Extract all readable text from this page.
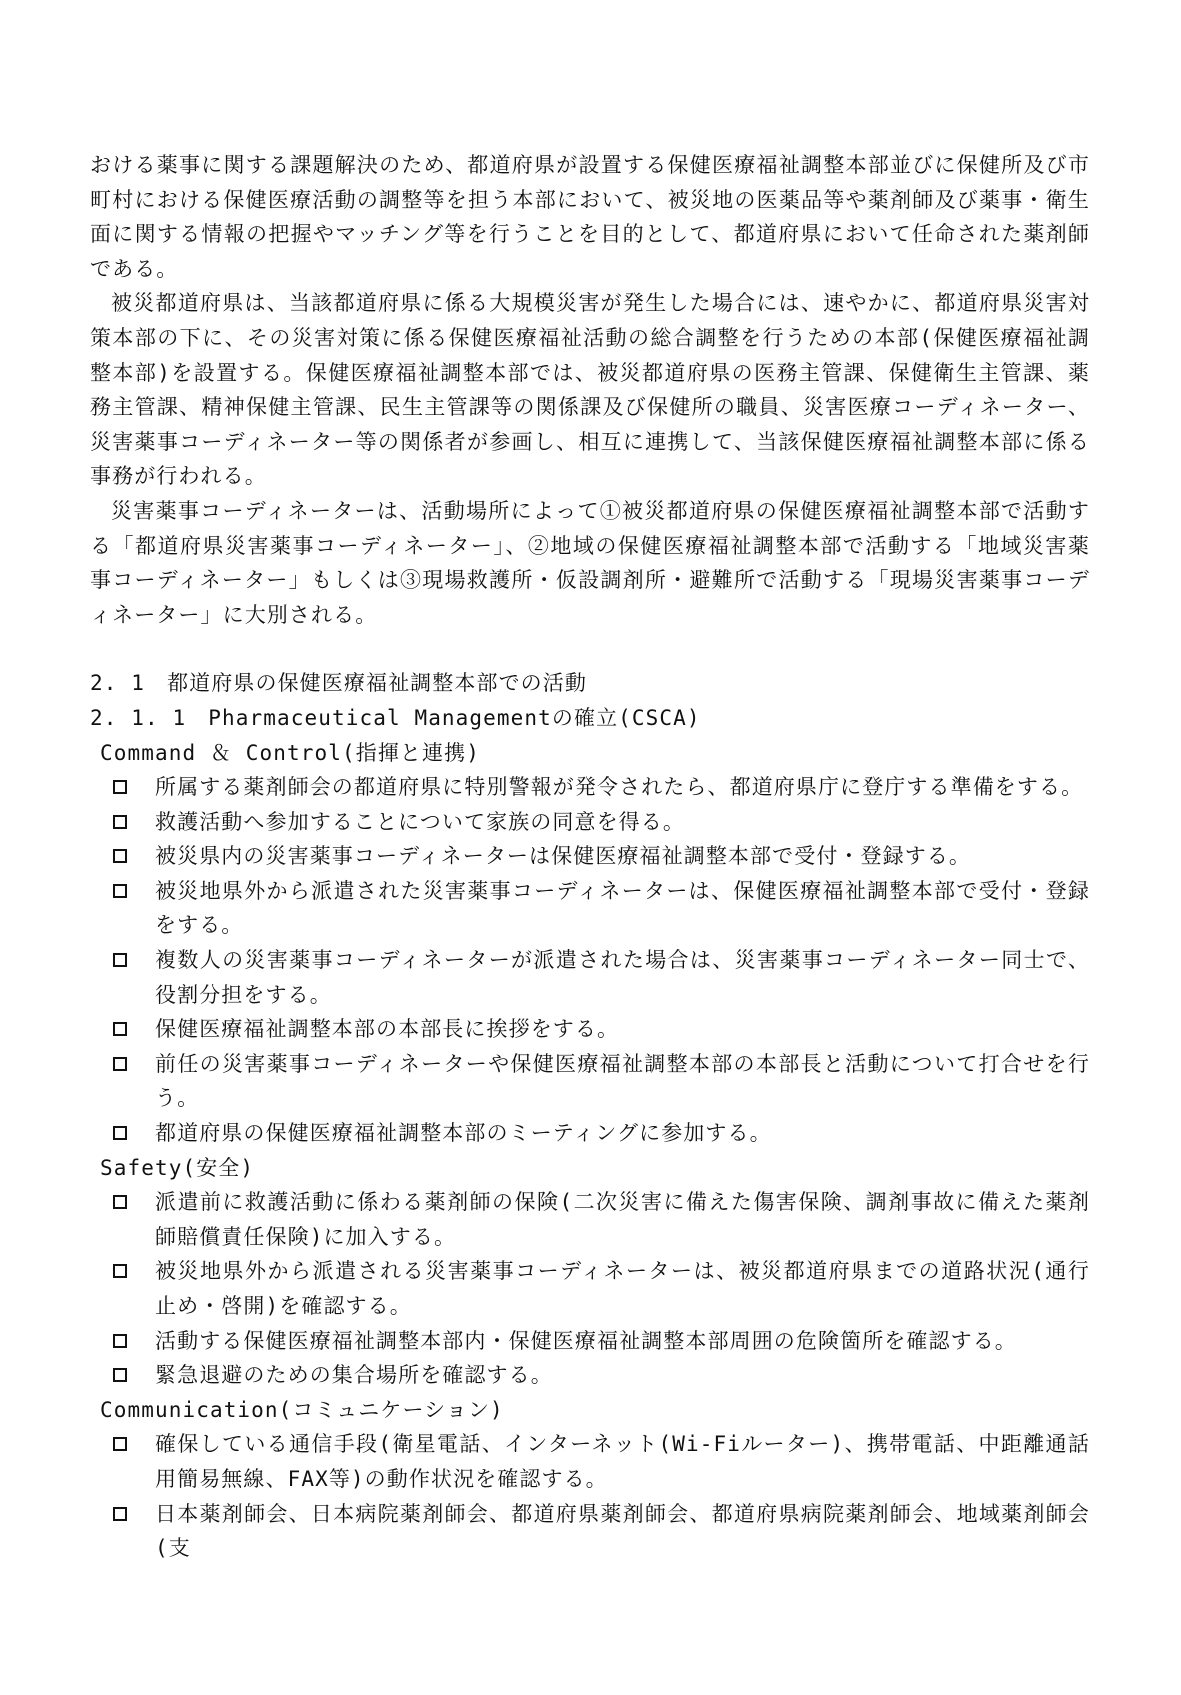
おける薬事に関する課題解決のため、都道府県が設置する保健医療福祉調整本部並びに保健所及び市町村における保健医療活動の調整等を担う本部において、被災地の医薬品等や薬剤師及び薬事・衛生面に関する情報の把握やマッチング等を行うことを目的として、都道府県において任命された薬剤師である。

被災都道府県は、当該都道府県に係る大規模災害が発生した場合には、速やかに、都道府県災害対策本部の下に、その災害対策に係る保健医療福祉活動の総合調整を行うための本部(保健医療福祉調整本部)を設置する。保健医療福祉調整本部では、被災都道府県の医務主管課、保健衛生主管課、薬務主管課、精神保健主管課、民生主管課等の関係課及び保健所の職員、災害医療コーディネーター、災害薬事コーディネーター等の関係者が参画し、相互に連携して、当該保健医療福祉調整本部に係る事務が行われる。

災害薬事コーディネーターは、活動場所によって①被災都道府県の保健医療福祉調整本部で活動する「都道府県災害薬事コーディネーター」、②地域の保健医療福祉調整本部で活動する「地域災害薬事コーディネーター」もしくは③現場救護所・仮設調剤所・避難所で活動する「現場災害薬事コーディネーター」に大別される。

2. 1　都道府県の保健医療福祉調整本部での活動

2. 1. 1　Pharmaceutical Managementの確立(CSCA)

Command ＆ Control(指揮と連携)

所属する薬剤師会の都道府県に特別警報が発令されたら、都道府県庁に登庁する準備をする。
救護活動へ参加することについて家族の同意を得る。
被災県内の災害薬事コーディネーターは保健医療福祉調整本部で受付・登録する。
被災地県外から派遣された災害薬事コーディネーターは、保健医療福祉調整本部で受付・登録をする。
複数人の災害薬事コーディネーターが派遣された場合は、災害薬事コーディネーター同士で、役割分担をする。
保健医療福祉調整本部の本部長に挨拶をする。
前任の災害薬事コーディネーターや保健医療福祉調整本部の本部長と活動について打合せを行う。
都道府県の保健医療福祉調整本部のミーティングに参加する。

Safety(安全)

派遣前に救護活動に係わる薬剤師の保険(二次災害に備えた傷害保険、調剤事故に備えた薬剤師賠償責任保険)に加入する。
被災地県外から派遣される災害薬事コーディネーターは、被災都道府県までの道路状況(通行止め・啓開)を確認する。
活動する保健医療福祉調整本部内・保健医療福祉調整本部周囲の危険箇所を確認する。
緊急退避のための集合場所を確認する。

Communication(コミュニケーション)

確保している通信手段(衛星電話、インターネット(Wi-Fiルーター)、携帯電話、中距離通話用簡易無線、FAX等)の動作状況を確認する。
日本薬剤師会、日本病院薬剤師会、都道府県薬剤師会、都道府県病院薬剤師会、地域薬剤師会(支
